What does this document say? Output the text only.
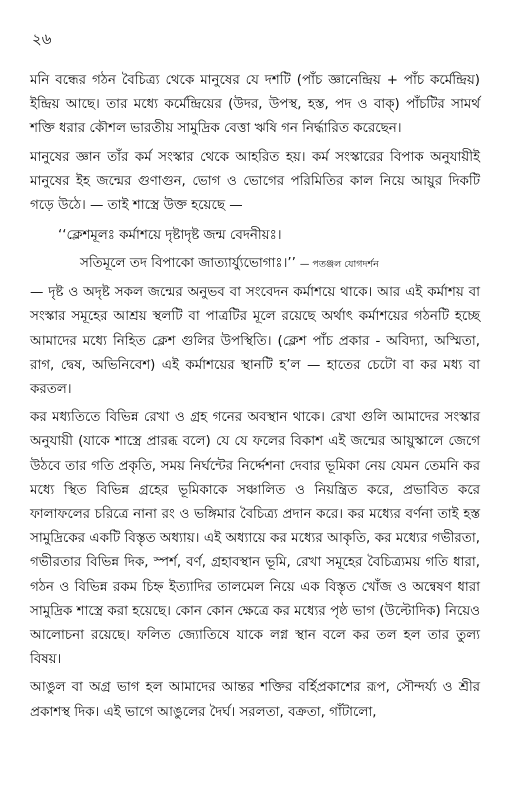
২৬

মনি বন্ধের গঠন বৈচিত্র্য থেকে মানুষের যে দশটি (পাঁচ জ্ঞানেন্দ্রিয় + পাঁচ কর্মেন্দ্রিয়) ইন্দ্রিয় আছে। তার মধ্যে কর্মেন্দ্রিয়ের (উদর, উপস্থ, হস্ত, পদ ও বাক্‌) পাঁচটির সামর্থ শক্তি ধরার কৌশল ভারতীয় সামুদ্রিক বেত্তা ঋষি গন নির্দ্ধারিত করেছেন।

মানুষের জ্ঞান তাঁর কর্ম সংস্কার থেকে আহরিত হয়। কর্ম সংস্কারের বিপাক অনুযায়ীই মানুষের ইহ জন্মের গুণাগুন, ভোগ ও ভোগের পরিমিতির কাল নিয়ে আয়ুর দিকটি গড়ে উঠে। — তাই শাস্ত্রে উক্ত হয়েছে —

‘‘ক্লেশমূলঃ কর্মাশয়ে দৃষ্টাদৃষ্ট জন্ম বেদনীয়ঃ।
সতিমূলে তদ বিপাকো জাত্যার্য্যুভোগাঃ।’’ — পতঞ্জল যোগদর্শন

— দৃষ্ট ও অদৃষ্ট সকল জন্মের অনুভব বা সংবেদন কর্মাশয়ে থাকে। আর এই কর্মাশয় বা সংস্কার সমূহের আশ্রয় স্থলটি বা পাত্রটির মূলে রয়েছে অর্থাৎ কর্মাশয়ের গঠনটি হচ্ছে আমাদের মধ্যে নিহিত ক্লেশ গুলির উপস্থিতি। (ক্লেশ পাঁচ প্রকার - অবিদ্যা, অস্মিতা, রাগ, দ্বেষ, অভিনিবেশ) এই কর্মাশয়ের স্থানটি হ’ল — হাতের চেটো বা কর মধ্য বা করতল।

কর মধ্যতিতে বিভিন্ন রেখা ও গ্রহ গনের অবস্থান থাকে। রেখা গুলি আমাদের সংস্কার অনুযায়ী (যাকে শাস্ত্রে প্রারব্ধ বলে) যে যে ফলের বিকাশ এই জন্মের আয়ুস্কালে জেগে উঠবে তার গতি প্রকৃতি, সময় নির্ঘন্টের নির্দ্দেশনা দেবার ভূমিকা নেয় যেমন তেমনি কর মধ্যে স্থিত বিভিন্ন গ্রহের ভূমিকাকে সঞ্চালিত ও নিয়ন্ত্রিত করে, প্রভাবিত করে ফালাফলের চরিত্রে নানা রং ও ভঙ্গিমার বৈচিত্র্য প্রদান করে। কর মধ্যের বর্ণনা তাই হস্ত সামুদ্রিকের একটি বিস্তৃত অধ্যায়। এই অধ্যায়ে কর মধ্যের আকৃতি, কর মধ্যের গভীরতা, গভীরতার বিভিন্ন দিক, স্পর্শ, বর্ণ, গ্রহাবস্থান ভূমি, রেখা সমূহের বৈচিত্র্যময় গতি ধারা, গঠন ও বিভিন্ন রকম চিহ্ন ইত্যাদির তালমেল নিয়ে এক বিস্তৃত খোঁজ ও অন্বেষণ ধারা সামুদ্রিক শাস্ত্রে করা হয়েছে। কোন কোন ক্ষেত্রে কর মধ্যের পৃষ্ঠ ভাগ (উল্টোদিক) নিয়েও আলোচনা রয়েছে। ফলিত জ্যোতিষে যাকে লগ্ন স্থান বলে কর তল হল তার তুল্য বিষয়।

আঙুল বা অগ্র ভাগ হল আমাদের আন্তর শক্তির বর্হিপ্রকাশের রূপ, সৌন্দর্য্য ও শ্রীর প্রকাশস্থ দিক। এই ভাগে আঙুলের দৈর্ঘ। সরলতা, বক্রতা, গাঁটালো,
